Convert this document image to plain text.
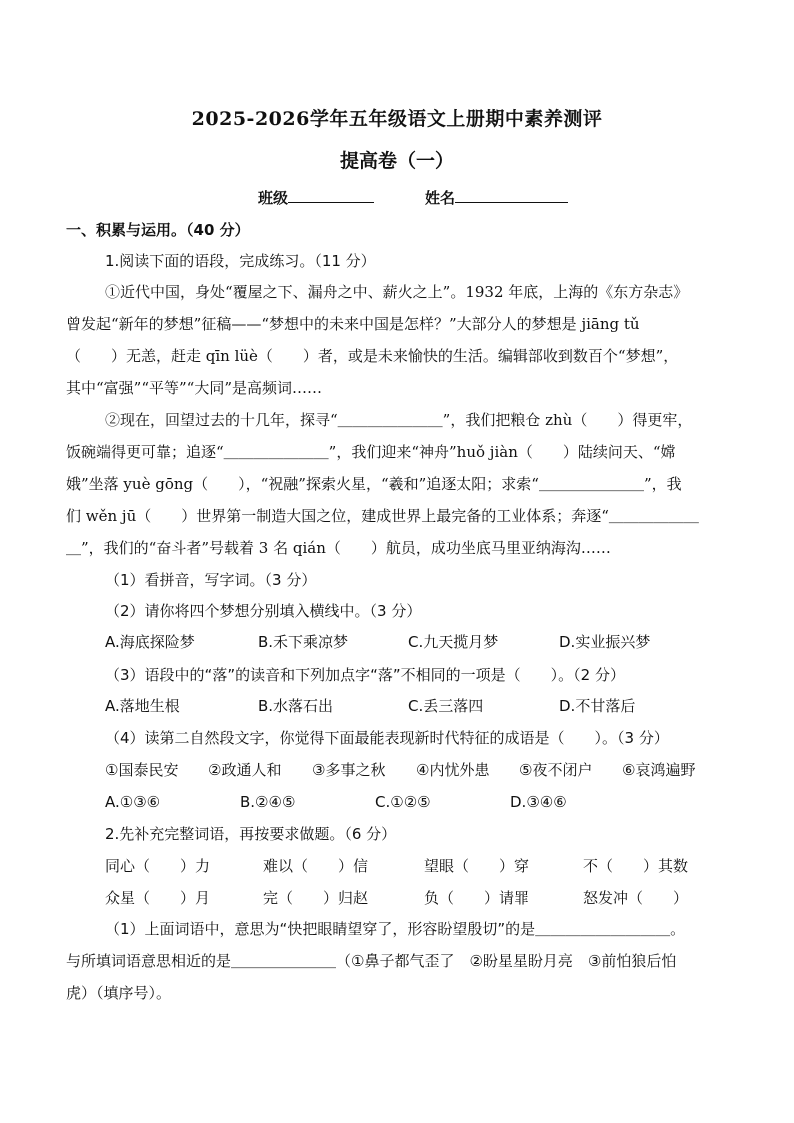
2025-2026学年五年级语文上册期中素养测评
提高卷（一）
班级	姓名
一、积累与运用。（40 分）
1.阅读下面的语段，完成练习。（11 分）
①近代中国，身处“覆屋之下、漏舟之中、薪火之上”。1932 年底，上海的《东方杂志》
曾发起“新年的梦想”征稿——“梦想中的未来中国是怎样？”大部分人的梦想是 jiāng tǔ
（　　）无恙，赶走 qīn lüè（　　）者，或是未来愉快的生活。编辑部收到数百个“梦想”，
其中“富强”“平等”“大同”是高频词……
②现在，回望过去的十几年，探寻“＿＿＿＿＿＿＿”，我们把粮仓 zhù（　　）得更牢，
饭碗端得更可靠；追逐“＿＿＿＿＿＿＿”，我们迎来“神舟”huǒ jiàn（　　）陆续问天、“嫦
娥”坐落 yuè gōng（　　），“祝融”探索火星，“羲和”追逐太阳；求索“＿＿＿＿＿＿＿”，我
们 wěn jū（　　）世界第一制造大国之位，建成世界上最完备的工业体系；奔逐“＿＿＿＿＿＿
＿”，我们的“奋斗者”号载着 3 名 qián（　　）航员，成功坐底马里亚纳海沟……
（1）看拼音，写字词。（3 分）
（2）请你将四个梦想分别填入横线中。（3 分）
A.海底探险梦	B.禾下乘凉梦	C.九天揽月梦	D.实业振兴梦
（3）语段中的“落”的读音和下列加点字“落”不相同的一项是（　　）。（2 分）
A.落地生根	B.水落石出	C.丢三落四	D.不甘落后
（4）读第二自然段文字，你觉得下面最能表现新时代特征的成语是（　　）。（3 分）
①国泰民安 ②政通人和 ③多事之秋 ④内忧外患 ⑤夜不闭户 ⑥哀鸿遍野
A.①③⑥	B.②④⑤	C.①②⑤	D.③④⑥
2.先补充完整词语，再按要求做题。（6 分）
同心（　　）力	难以（　　）信	望眼（　　）穿	不（　　）其数
众星（　　）月	完（　　）归赵	负（　　）请罪	怒发冲（　　）
（1）上面词语中，意思为“快把眼睛望穿了，形容盼望殷切”的是＿＿＿＿＿＿＿＿＿。
与所填词语意思相近的是＿＿＿＿＿＿＿（①鼻子都气歪了　②盼星星盼月亮　③前怕狼后怕
虎）（填序号）。
